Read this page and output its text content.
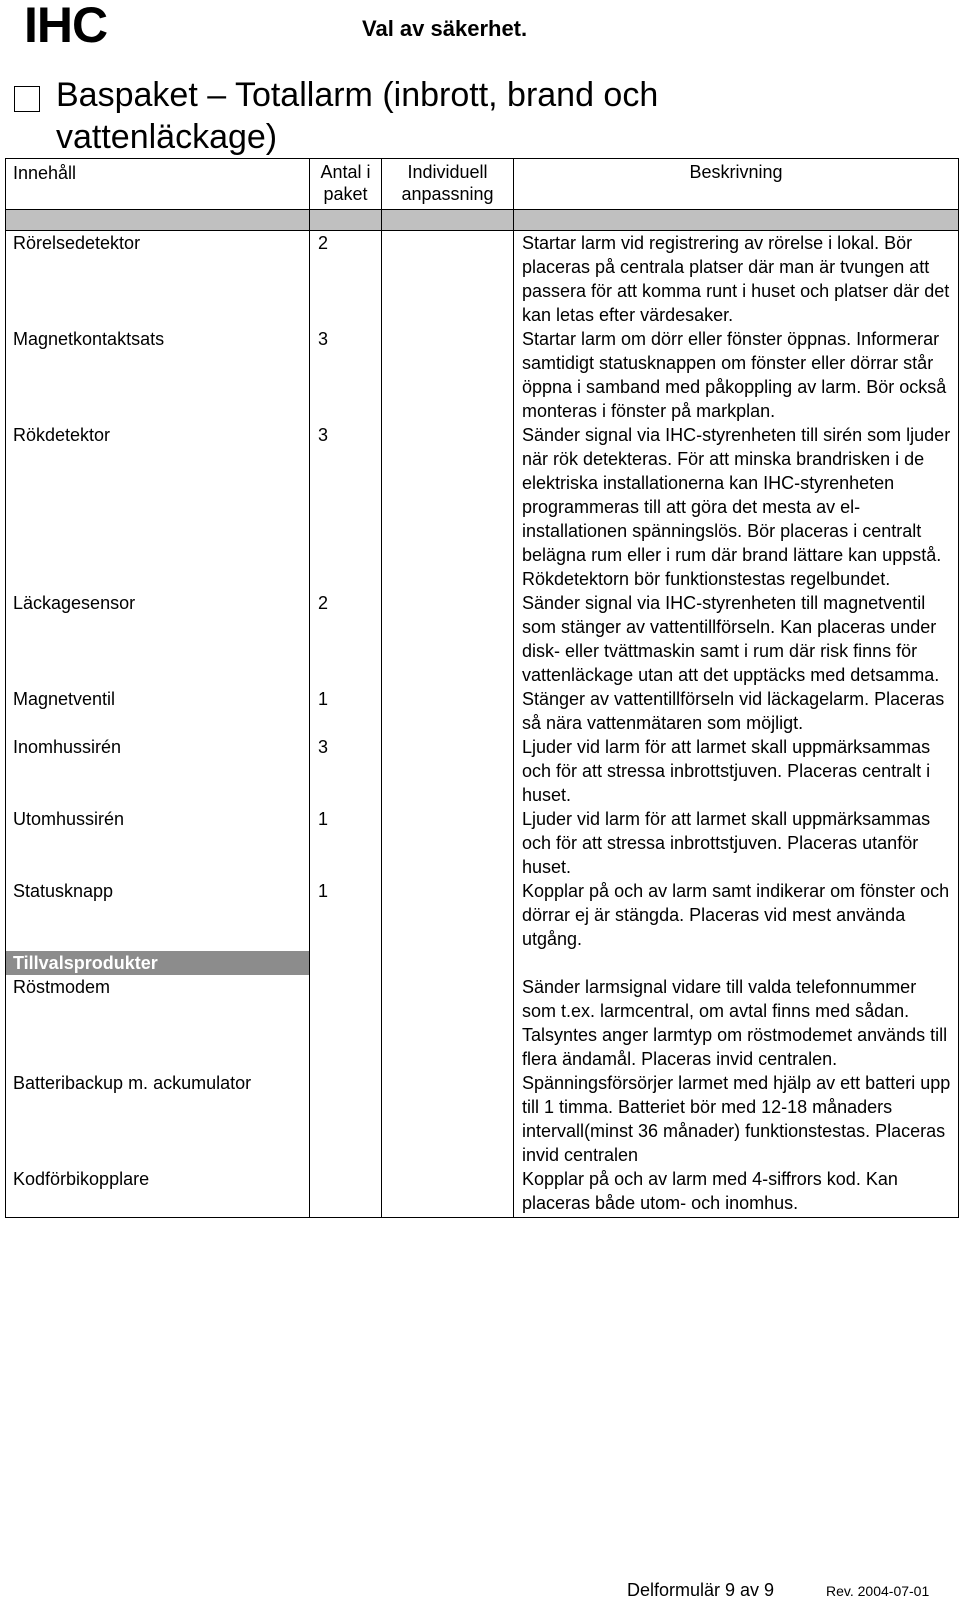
IHC	Val av säkerhet.
Baspaket – Totallarm (inbrott, brand och vattenläckage)
Innehåll	Antal i paket	Individuell anpassning	Beskrivning

Rörelsedetektor	2		Startar larm vid registrering av rörelse i lokal. Bör placeras på centrala platser där man är tvungen att passera för att komma runt i huset och platser där det kan letas efter värdesaker.
Magnetkontaktsats	3		Startar larm om dörr eller fönster öppnas. Informerar samtidigt statusknappen om fönster eller dörrar står öppna i samband med påkoppling av larm. Bör också monteras i fönster på markplan.
Rökdetektor	3		Sänder signal via IHC-styrenheten till sirén som ljuder när rök detekteras. För att minska brandrisken i de elektriska installationerna kan IHC-styrenheten programmeras till att göra det mesta av el-installationen spänningslös. Bör placeras i centralt belägna rum eller i rum där brand lättare kan uppstå. Rökdetektorn bör funktionstestas regelbundet.
Läckagesensor	2		Sänder signal via IHC-styrenheten till magnetventil som stänger av vattentillförseln. Kan placeras under disk- eller tvättmaskin samt i rum där risk finns för vattenläckage utan att det upptäcks med detsamma.
Magnetventil	1		Stänger av vattentillförseln vid läckagelarm. Placeras så nära vattenmätaren som möjligt.
Inomhussirén	3		Ljuder vid larm för att larmet skall uppmärksammas och för att stressa inbrottstjuven. Placeras centralt i huset.
Utomhussirén	1		Ljuder vid larm för att larmet skall uppmärksammas och för att stressa inbrottstjuven. Placeras utanför huset.
Statusknapp	1		Kopplar på och av larm samt indikerar om fönster och dörrar ej är stängda. Placeras vid mest använda utgång.
Tillvalsprodukter			
Röstmodem			Sänder larmsignal vidare till valda telefonnummer som t.ex. larmcentral, om avtal finns med sådan. Talsyntes anger larmtyp om röstmodemet används till flera ändamål. Placeras invid centralen.
Batteribackup m. ackumulator			Spänningsförsörjer larmet med hjälp av ett batteri upp till 1 timma. Batteriet bör med 12-18 månaders intervall(minst 36 månader) funktionstestas. Placeras invid centralen
Kodförbikopplare			Kopplar på och av larm med 4-siffrors kod. Kan placeras både utom- och inomhus.
Delformulär 9 av 9	Rev. 2004-07-01
